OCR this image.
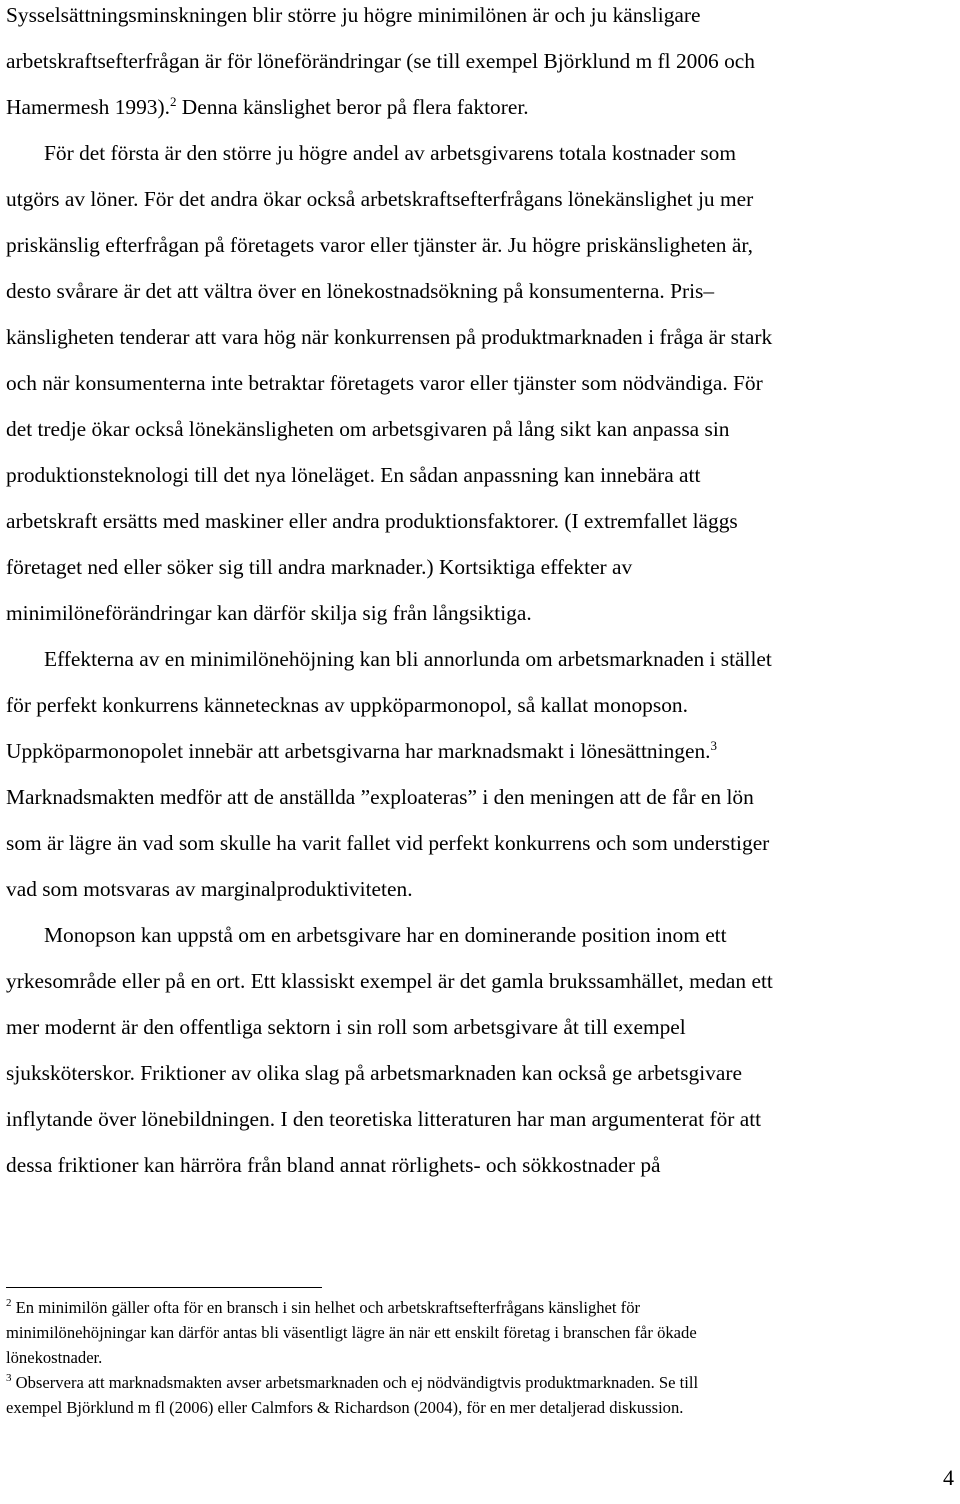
Sysselsättningsminskningen blir större ju högre minimilönen är och ju känsligare

arbetskraftsefterfrågan är för löneförändringar (se till exempel Björklund m fl 2006 och

Hamermesh 1993).$^2$ Denna känslighet beror på flera faktorer.

För det första är den större ju högre andel av arbetsgivarens totala kostnader som

utgörs av löner. För det andra ökar också arbetskraftsefterfrågans lönekänslighet ju mer

priskänslig efterfrågan på företagets varor eller tjänster är. Ju högre priskänsligheten är,

desto svårare är det att vältra över en lönekostnadsökning på konsumenterna. Pris–

känsligheten tenderar att vara hög när konkurrensen på produktmarknaden i fråga är stark

och när konsumenterna inte betraktar företagets varor eller tjänster som nödvändiga. För

det tredje ökar också lönekänsligheten om arbetsgivaren på lång sikt kan anpassa sin

produktionsteknologi till det nya löneläget. En sådan anpassning kan innebära att

arbetskraft ersätts med maskiner eller andra produktionsfaktorer. (I extremfallet läggs

företaget ned eller söker sig till andra marknader.) Kortsiktiga effekter av

minimilöneförändringar kan därför skilja sig från långsiktiga.

Effekterna av en minimilönehöjning kan bli annorlunda om arbetsmarknaden i stället

för perfekt konkurrens kännetecknas av uppköparmonopol, så kallat monopson.

Uppköparmonopolet innebär att arbetsgivarna har marknadsmakt i lönesättningen.$^3$

Marknadsmakten medför att de anställda ”exploateras” i den meningen att de får en lön

som är lägre än vad som skulle ha varit fallet vid perfekt konkurrens och som understiger

vad som motsvaras av marginalproduktiviteten.

Monopson kan uppstå om en arbetsgivare har en dominerande position inom ett

yrkesområde eller på en ort. Ett klassiskt exempel är det gamla brukssamhället, medan ett

mer modernt är den offentliga sektorn i sin roll som arbetsgivare åt till exempel

sjuksköterskor. Friktioner av olika slag på arbetsmarknaden kan också ge arbetsgivare

inflytande över lönebildningen. I den teoretiska litteraturen har man argumenterat för att

dessa friktioner kan härröra från bland annat rörlighets- och sökkostnader på

$^2$ En minimilön gäller ofta för en bransch i sin helhet och arbetskraftsefterfrågans känslighet för

minimilönehöjningar kan därför antas bli väsentligt lägre än när ett enskilt företag i branschen får ökade

lönekostnader.

$^3$ Observera att marknadsmakten avser arbetsmarknaden och ej nödvändigtvis produktmarknaden. Se till

exempel Björklund m fl (2006) eller Calmfors & Richardson (2004), för en mer detaljerad diskussion.

4
